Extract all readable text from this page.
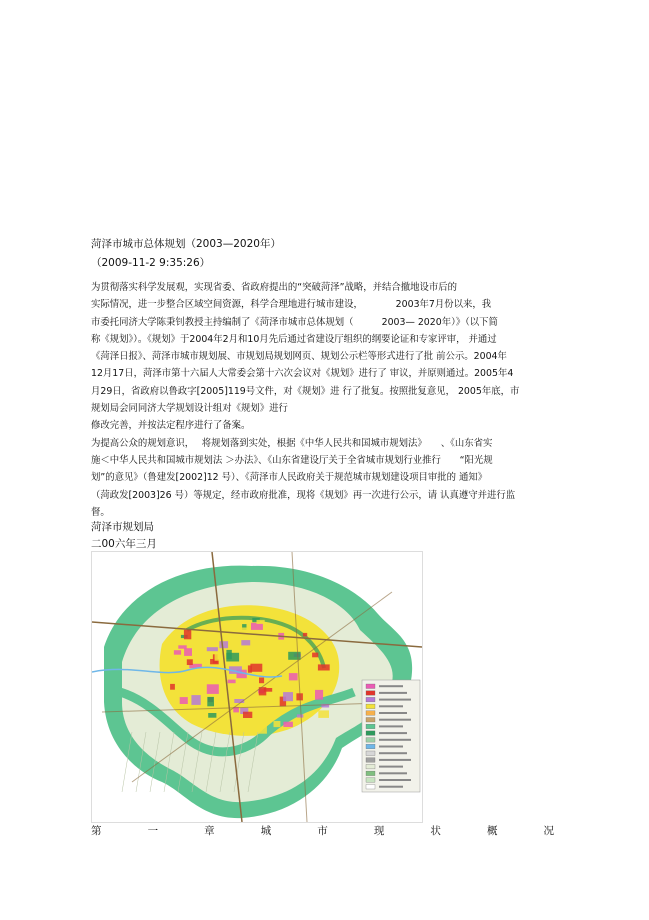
菏泽市城市总体规划（2003—2020年）
（2009-11-2 9:35:26）
为贯彻落实科学发展观，实现省委、省政府提出的“突破菏泽”战略，并结合撤地设市后的
实际情况，进一步整合区域空间资源，科学合理地进行城市建设，　　　　2003年7月份以来，我
市委托同济大学陈秉钊教授主持编制了《菏泽市城市总体规划（　　　2003— 2020年）》（以下简
称《规划》）。《规划》于2004年2月和10月先后通过省建设厅组织的纲要论证和专家评审， 并通过
《菏泽日报》、菏泽市城市规划展、市规划局规划网页、规划公示栏等形式进行了批 前公示。2004年
12月17日，菏泽市第十六届人大常委会第十六次会议对《规划》进行了 审议，并原则通过。2005年4
月29日，省政府以鲁政字[2005]119号文件，对《规划》进 行了批复。按照批复意见， 2005年底，市
规划局会同同济大学规划设计组对《规划》进行
修改完善，并按法定程序进行了备案。
为提高公众的规划意识，　 将规划落到实处，根据《中华人民共和国城市规划法》　　、《山东省实
施＜中华人民共和国城市规划法 ＞办法》、《山东省建设厅关于全省城市规划行业推行　　“阳光规
划”的意见》（鲁建发[2002]12 号）、《菏泽市人民政府关于规范城市规划建设项目审批的 通知》
（菏政发[2003]26 号）等规定，经市政府批准，现将《规划》再一次进行公示，请 认真遵守并进行监
督。
菏泽市规划局
二00六年三月
第	一	章	城	市	现	状	概	况
